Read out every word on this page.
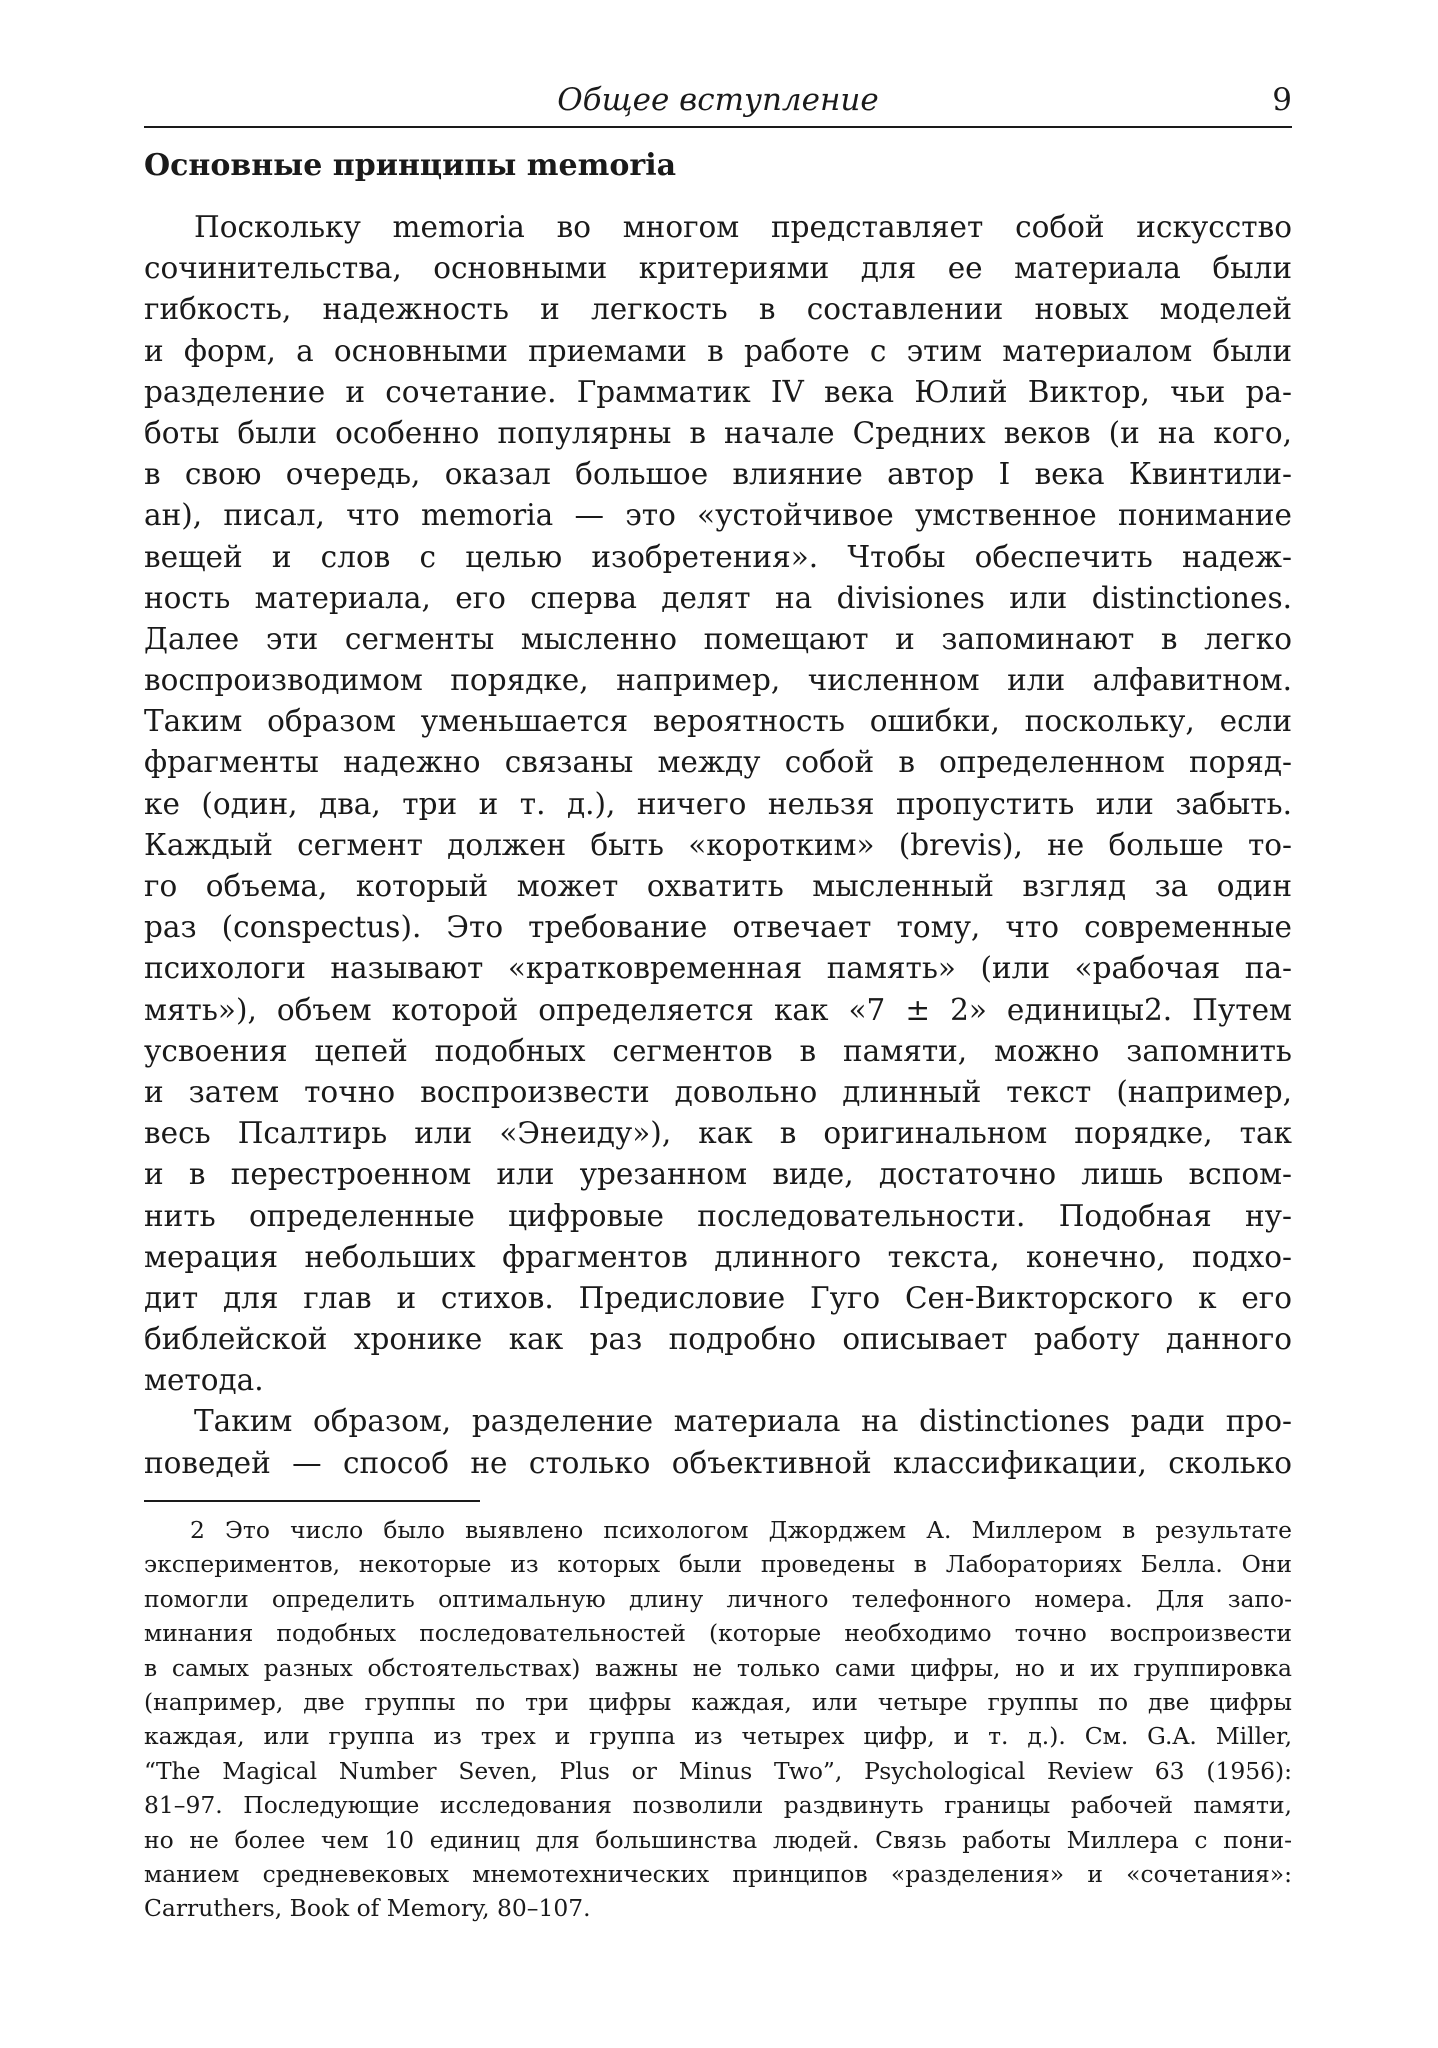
Общее вступление	9
Основные принципы memoria
Поскольку memoria во многом представляет собой искусство
сочинительства, основными критериями для ее материала были
гибкость, надежность и легкость в составлении новых моделей
и форм, а основными приемами в работе с этим материалом были
разделение и сочетание. Грамматик IV века Юлий Виктор, чьи ра-
боты были особенно популярны в начале Средних веков (и на кого,
в свою очередь, оказал большое влияние автор I века Квинтили-
ан), писал, что memoria — это «устойчивое умственное понимание
вещей и слов с целью изобретения». Чтобы обеспечить надеж-
ность материала, его сперва делят на divisiones или distinctiones.
Далее эти сегменты мысленно помещают и запоминают в легко
воспроизводимом порядке, например, численном или алфавитном.
Таким образом уменьшается вероятность ошибки, поскольку, если
фрагменты надежно связаны между собой в определенном поряд-
ке (один, два, три и т. д.), ничего нельзя пропустить или забыть.
Каждый сегмент должен быть «коротким» (brevis), не больше то-
го объема, который может охватить мысленный взгляд за один
раз (conspectus). Это требование отвечает тому, что современные
психологи называют «кратковременная память» (или «рабочая па-
мять»), объем которой определяется как «7 ± 2» единицы2. Путем
усвоения цепей подобных сегментов в памяти, можно запомнить
и затем точно воспроизвести довольно длинный текст (например,
весь Псалтирь или «Энеиду»), как в оригинальном порядке, так
и в перестроенном или урезанном виде, достаточно лишь вспом-
нить определенные цифровые последовательности. Подобная ну-
мерация небольших фрагментов длинного текста, конечно, подхо-
дит для глав и стихов. Предисловие Гуго Сен-Викторского к его
библейской хронике как раз подробно описывает работу данного
метода.
Таким образом, разделение материала на distinctiones ради про-
поведей — способ не столько объективной классификации, сколько
2 Это число было выявлено психологом Джорджем А. Миллером в результате
экспериментов, некоторые из которых были проведены в Лабораториях Белла. Они
помогли определить оптимальную длину личного телефонного номера. Для запо-
минания подобных последовательностей (которые необходимо точно воспроизвести
в самых разных обстоятельствах) важны не только сами цифры, но и их группировка
(например, две группы по три цифры каждая, или четыре группы по две цифры
каждая, или группа из трех и группа из четырех цифр, и т. д.). См. G.A. Miller,
“The Magical Number Seven, Plus or Minus Two”, Psychological Review 63 (1956):
81–97. Последующие исследования позволили раздвинуть границы рабочей памяти,
но не более чем 10 единиц для большинства людей. Связь работы Миллера с пони-
манием средневековых мнемотехнических принципов «разделения» и «сочетания»:
Carruthers, Book of Memory, 80–107.
